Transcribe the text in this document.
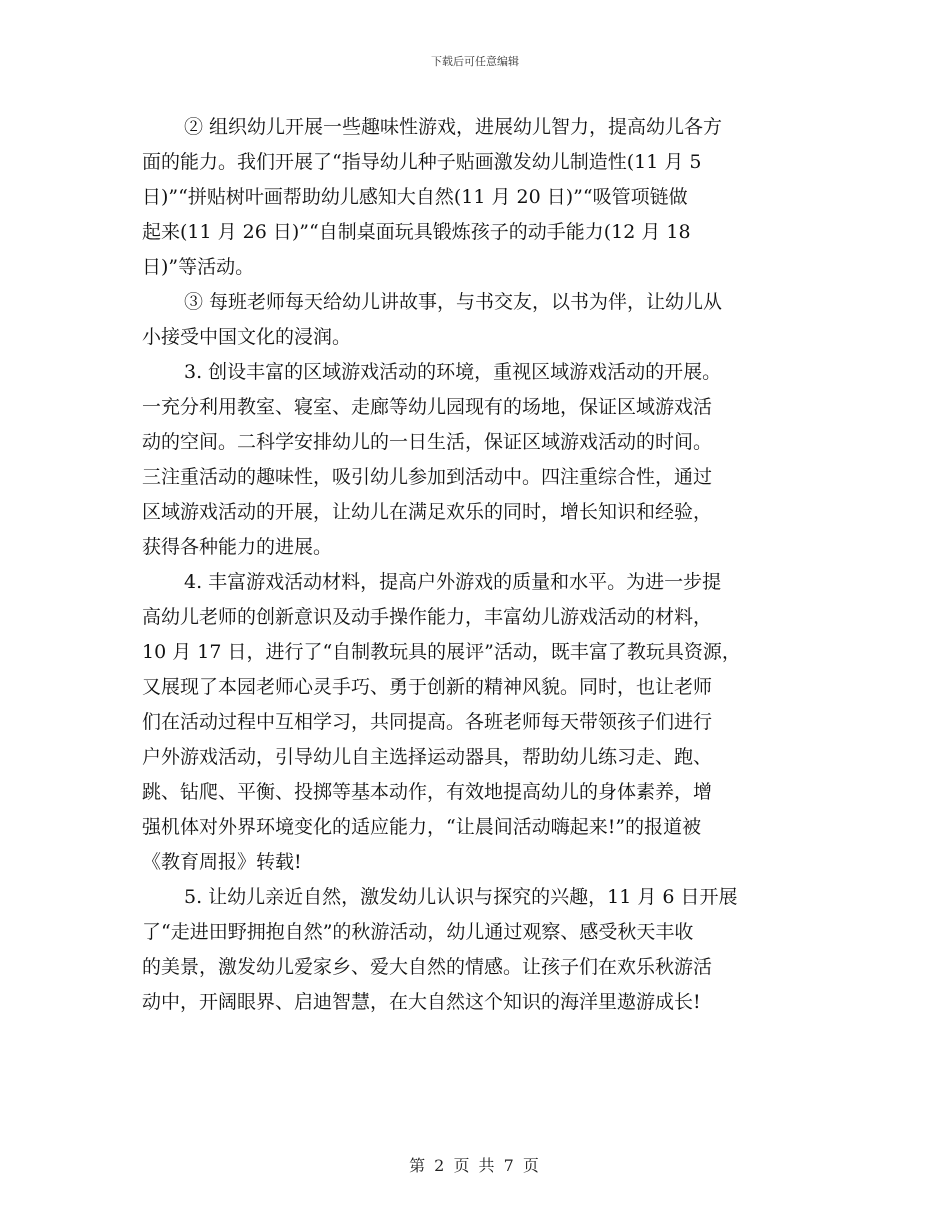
下载后可任意编辑
② 组织幼儿开展一些趣味性游戏，进展幼儿智力，提高幼儿各方
面的能力。我们开展了“指导幼儿种子贴画激发幼儿制造性(11 月 5
日)”“拼贴树叶画帮助幼儿感知大自然(11 月 20 日)”“吸管项链做
起来(11 月 26 日)”“自制桌面玩具锻炼孩子的动手能力(12 月 18
日)”等活动。
③ 每班老师每天给幼儿讲故事，与书交友，以书为伴，让幼儿从
小接受中国文化的浸润。
3. 创设丰富的区域游戏活动的环境，重视区域游戏活动的开展。
一充分利用教室、寝室、走廊等幼儿园现有的场地，保证区域游戏活
动的空间。二科学安排幼儿的一日生活，保证区域游戏活动的时间。
三注重活动的趣味性，吸引幼儿参加到活动中。四注重综合性，通过
区域游戏活动的开展，让幼儿在满足欢乐的同时，增长知识和经验，
获得各种能力的进展。
4. 丰富游戏活动材料，提高户外游戏的质量和水平。为进一步提
高幼儿老师的创新意识及动手操作能力，丰富幼儿游戏活动的材料，
10 月 17 日，进行了“自制教玩具的展评”活动，既丰富了教玩具资源，
又展现了本园老师心灵手巧、勇于创新的精神风貌。同时，也让老师
们在活动过程中互相学习，共同提高。各班老师每天带领孩子们进行
户外游戏活动，引导幼儿自主选择运动器具，帮助幼儿练习走、跑、
跳、钻爬、平衡、投掷等基本动作，有效地提高幼儿的身体素养，增
强机体对外界环境变化的适应能力，“让晨间活动嗨起来!”的报道被
《教育周报》转载!
5. 让幼儿亲近自然，激发幼儿认识与探究的兴趣，11 月 6 日开展
了“走进田野拥抱自然”的秋游活动，幼儿通过观察、感受秋天丰收
的美景，激发幼儿爱家乡、爱大自然的情感。让孩子们在欢乐秋游活
动中，开阔眼界、启迪智慧，在大自然这个知识的海洋里遨游成长!
第 2 页 共 7 页
